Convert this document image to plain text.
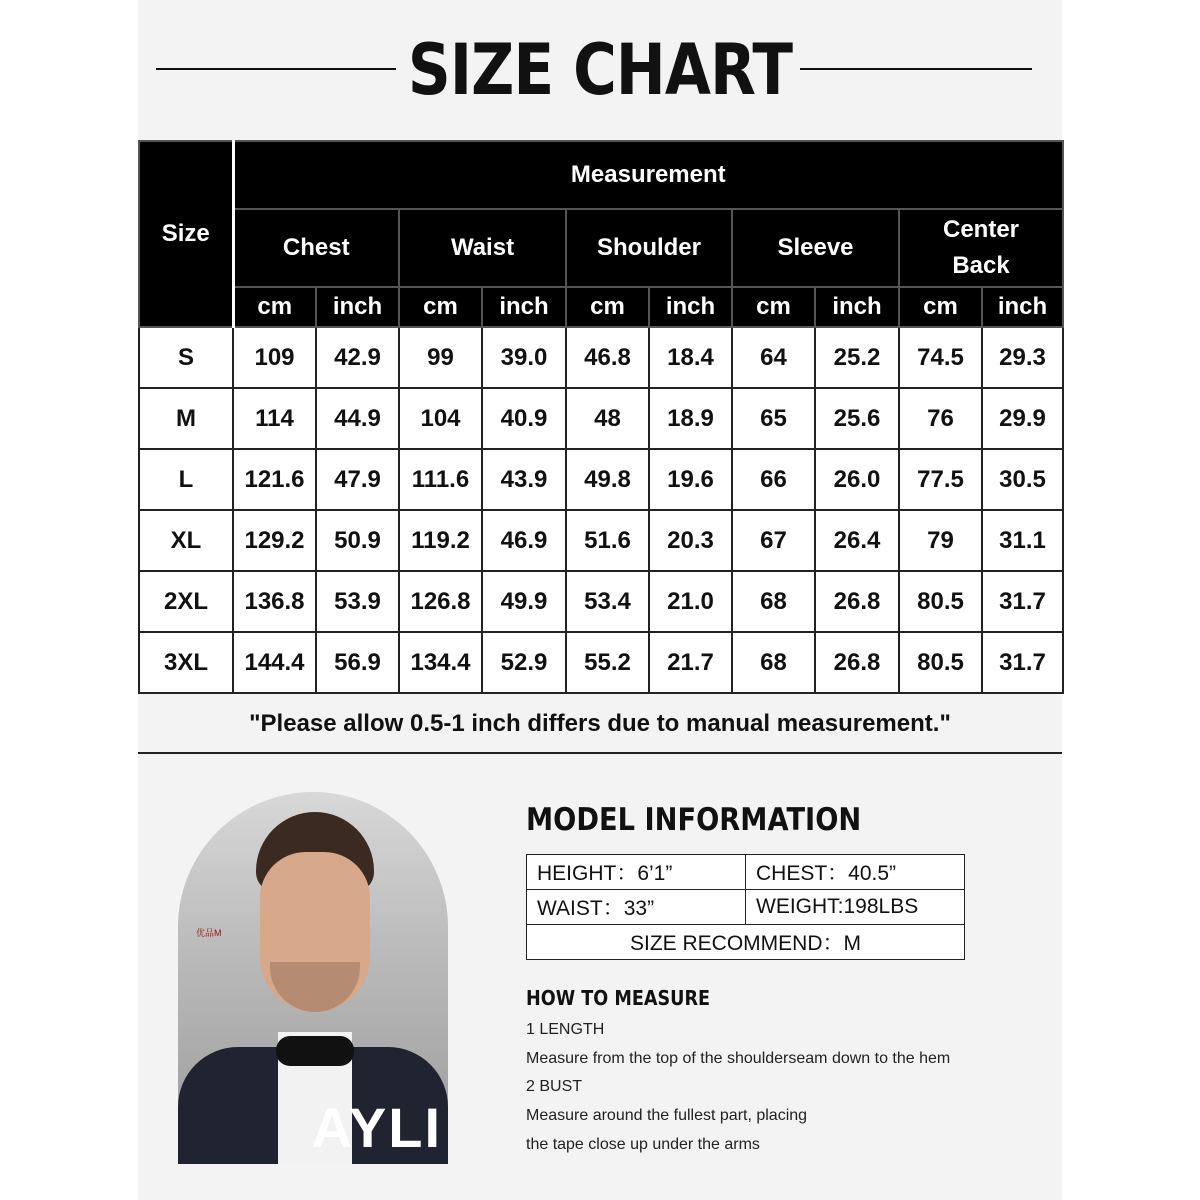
SIZE CHART
Size	Measurement									
	Chest		Waist		Shoulder		Sleeve		Center Back	
	cm	inch	cm	inch	cm	inch	cm	inch	cm	inch
S	109	42.9	99	39.0	46.8	18.4	64	25.2	74.5	29.3
M	114	44.9	104	40.9	48	18.9	65	25.6	76	29.9
L	121.6	47.9	111.6	43.9	49.8	19.6	66	26.0	77.5	30.5
XL	129.2	50.9	119.2	46.9	51.6	20.3	67	26.4	79	31.1
2XL	136.8	53.9	126.8	49.9	53.4	21.0	68	26.8	80.5	31.7
3XL	144.4	56.9	134.4	52.9	55.2	21.7	68	26.8	80.5	31.7
"Please allow 0.5-1 inch differs due to manual measurement."
优品M
AYLI
MODEL INFORMATION
HEIGHT：6’1”	CHEST：40.5”
WAIST：33”	WEIGHT:198LBS
SIZE RECOMMEND：M	
HOW TO MEASURE
1 LENGTH
Measure from the top of the shoulderseam down to the hem
2 BUST
Measure around the fullest part, placing
the tape close up under the arms
